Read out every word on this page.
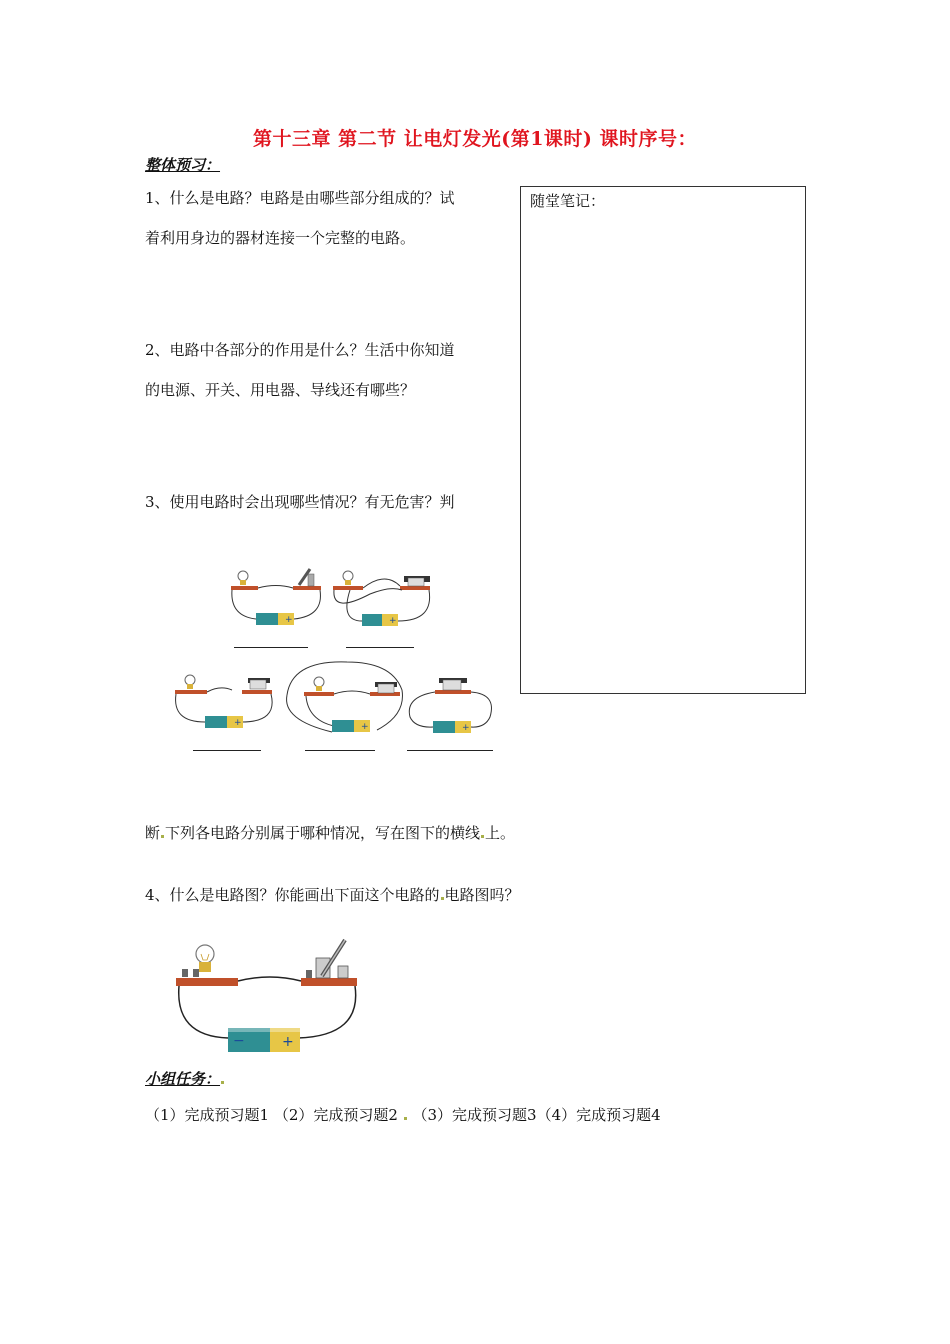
第十三章 第二节 让电灯发光(第1课时) 课时序号：
整体预习：
随堂笔记：
1、什么是电路？电路是由哪些部分组成的？试
着利用身边的器材连接一个完整的电路。
2、电路中各部分的作用是什么？生活中你知道
的电源、开关、用电器、导线还有哪些？
3、使用电路时会出现哪些情况？有无危害？判
+	+
+	+	+
断 下列各电路分别属于哪种情况，写在图下的横线 上。
4、什么是电路图？你能画出下面这个电路的 电路图吗？
−	+
小组任务：
（1）完成预习题1 （2）完成预习题2 （3）完成预习题3（4）完成预习题4
